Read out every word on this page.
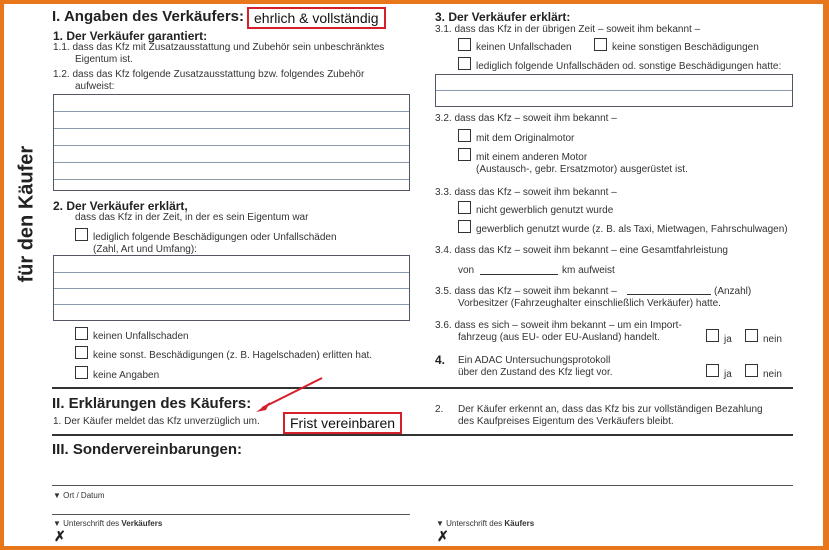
für den Käufer
I. Angaben des Verkäufers: ehrlich & vollständig
1. Der Verkäufer garantiert:
1.1. dass das Kfz mit Zusatzausstattung und Zubehör sein unbeschränktes
Eigentum ist.
1.2. dass das Kfz folgende Zusatzausstattung bzw. folgendes Zubehör
aufweist:
2. Der Verkäufer erklärt,
dass das Kfz in der Zeit, in der es sein Eigentum war
lediglich folgende Beschädigungen oder Unfallschäden
(Zahl, Art und Umfang):
keinen Unfallschaden
keine sonst. Beschädigungen (z. B. Hagelschaden) erlitten hat.
keine Angaben
3. Der Verkäufer erklärt:
3.1. dass das Kfz in der übrigen Zeit – soweit ihm bekannt –
keinen Unfallschaden	keine sonstigen Beschädigungen
lediglich folgende Unfallschäden od. sonstige Beschädigungen hatte:
3.2. dass das Kfz – soweit ihm bekannt –
mit dem Originalmotor
mit einem anderen Motor
(Austausch-, gebr. Ersatzmotor) ausgerüstet ist.
3.3. dass das Kfz – soweit ihm bekannt –
nicht gewerblich genutzt wurde
gewerblich genutzt wurde (z. B. als Taxi, Mietwagen, Fahrschulwagen)
3.4. dass das Kfz – soweit ihm bekannt – eine Gesamtfahrleistung
von	km aufweist
3.5. dass das Kfz – soweit ihm bekannt –	(Anzahl)
Vorbesitzer (Fahrzeughalter einschließlich Verkäufer) hatte.
3.6. dass es sich – soweit ihm bekannt – um ein Import-
fahrzeug (aus EU- oder EU-Ausland) handelt.	ja	nein
4. Ein ADAC Untersuchungsprotokoll
über den Zustand des Kfz liegt vor.	ja	nein
II. Erklärungen des Käufers:
1. Der Käufer meldet das Kfz unverzüglich um.
2. Der Käufer erkennt an, dass das Kfz bis zur vollständigen Bezahlung
des Kaufpreises Eigentum des Verkäufers bleibt.
Frist vereinbaren
III. Sondervereinbarungen:
▼ Ort / Datum
▼ Unterschrift des Verkäufers
✗
▼ Unterschrift des Käufers
✗
